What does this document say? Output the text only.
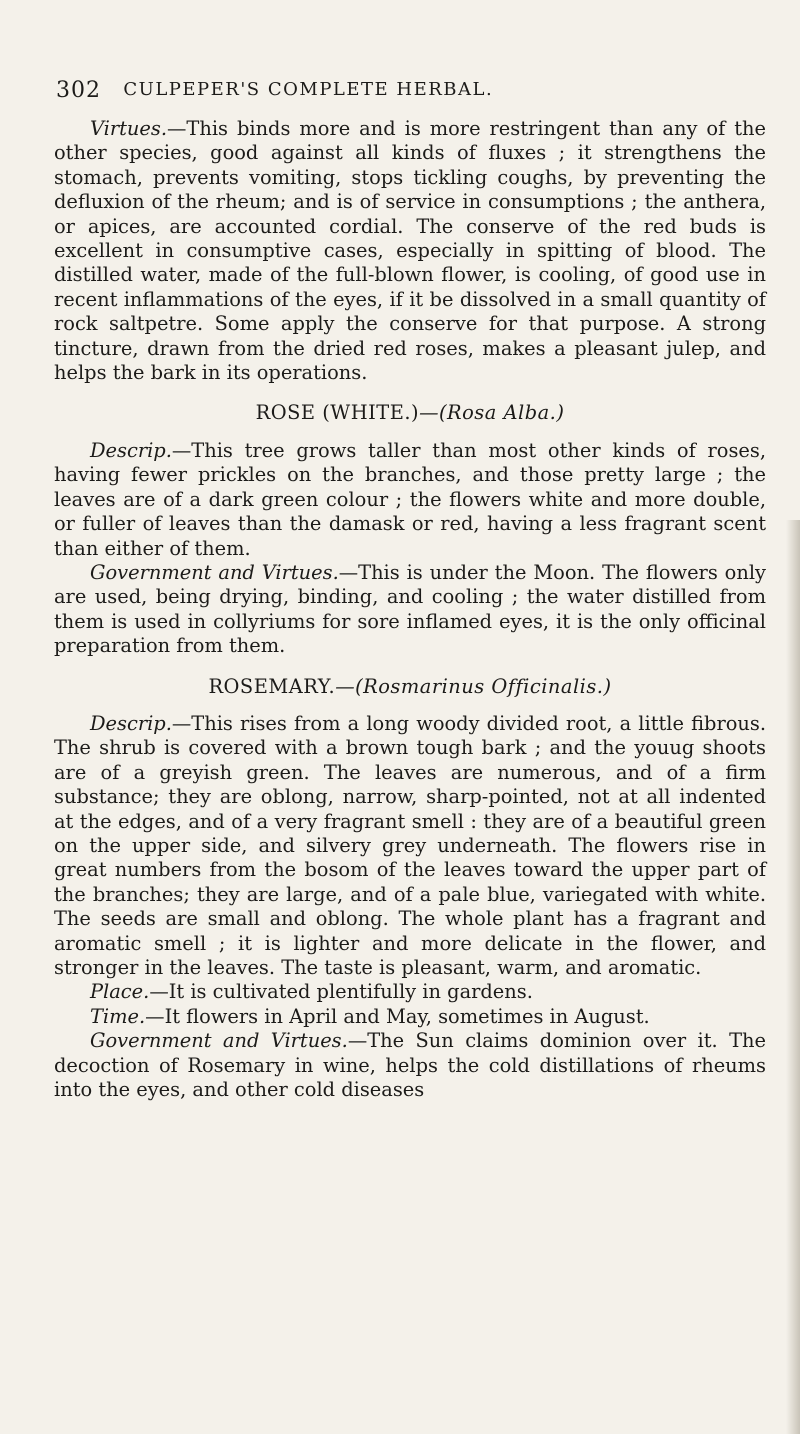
302 CULPEPER'S COMPLETE HERBAL.

Virtues.—This binds more and is more restringent than any of the other species, good against all kinds of fluxes ; it strengthens the stomach, prevents vomiting, stops tickling coughs, by preventing the defluxion of the rheum; and is of service in consumptions ; the anthera, or apices, are accounted cordial. The conserve of the red buds is excellent in consumptive cases, especially in spitting of blood. The distilled water, made of the full-blown flower, is cooling, of good use in recent inflammations of the eyes, if it be dissolved in a small quantity of rock saltpetre. Some apply the conserve for that purpose. A strong tincture, drawn from the dried red roses, makes a pleasant julep, and helps the bark in its operations.

ROSE (WHITE.)—(Rosa Alba.)

Descrip.—This tree grows taller than most other kinds of roses, having fewer prickles on the branches, and those pretty large ; the leaves are of a dark green colour ; the flowers white and more double, or fuller of leaves than the damask or red, having a less fragrant scent than either of them.

Government and Virtues.—This is under the Moon. The flowers only are used, being drying, binding, and cooling ; the water distilled from them is used in collyriums for sore inflamed eyes, it is the only officinal preparation from them.

ROSEMARY.—(Rosmarinus Officinalis.)

Descrip.—This rises from a long woody divided root, a little fibrous. The shrub is covered with a brown tough bark ; and the youug shoots are of a greyish green. The leaves are numerous, and of a firm substance; they are oblong, narrow, sharp-pointed, not at all indented at the edges, and of a very fragrant smell : they are of a beautiful green on the upper side, and silvery grey underneath. The flowers rise in great numbers from the bosom of the leaves toward the upper part of the branches; they are large, and of a pale blue, variegated with white. The seeds are small and oblong. The whole plant has a fragrant and aromatic smell ; it is lighter and more delicate in the flower, and stronger in the leaves. The taste is pleasant, warm, and aromatic.

Place.—It is cultivated plentifully in gardens.

Time.—It flowers in April and May, sometimes in August.

Government and Virtues.—The Sun claims dominion over it. The decoction of Rosemary in wine, helps the cold distillations of rheums into the eyes, and other cold diseases
